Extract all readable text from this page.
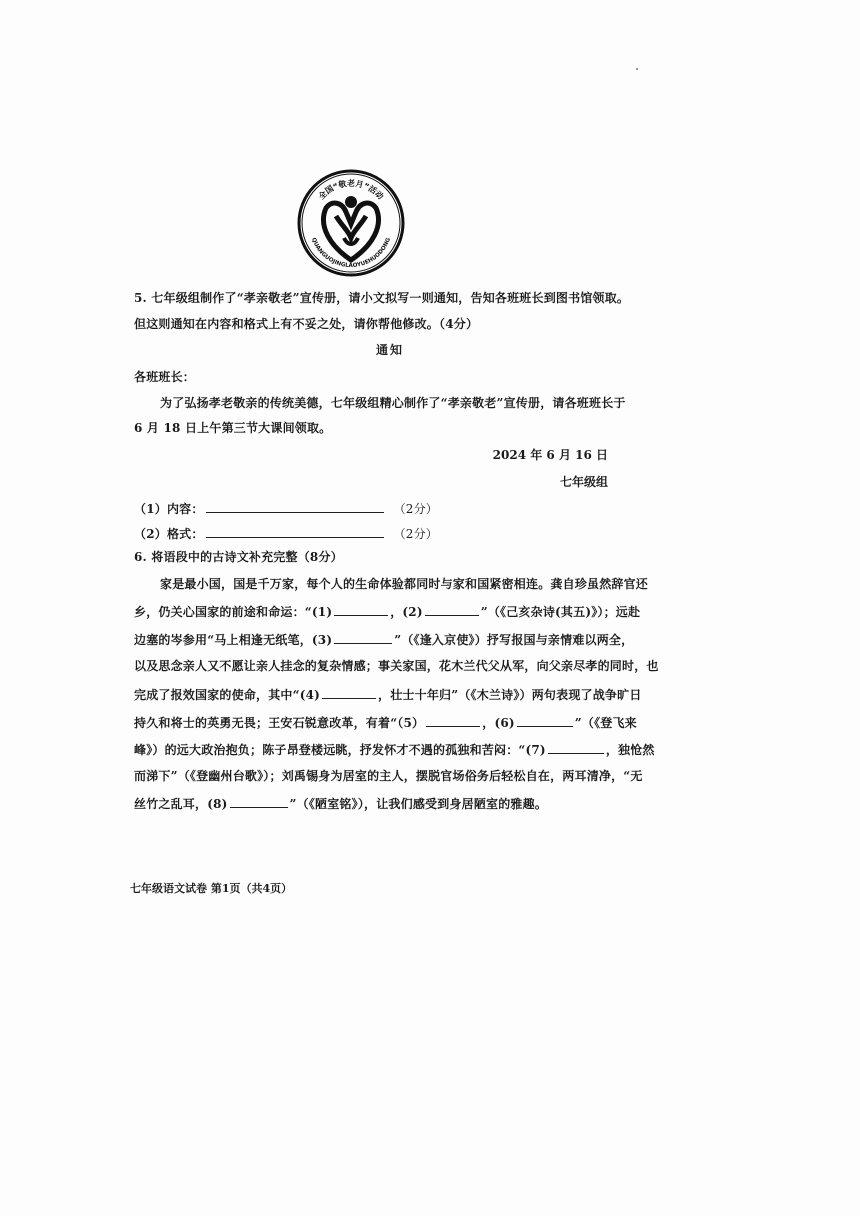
全国“敬老月”活动
QUANGUOJINGLAOYUEHUODONG
5. 七年级组制作了“孝亲敬老”宣传册，请小文拟写一则通知，告知各班班长到图书馆领取。
但这则通知在内容和格式上有不妥之处，请你帮他修改。（4分）
通知
各班班长：
为了弘扬孝老敬亲的传统美德，七年级组精心制作了“孝亲敬老”宣传册，请各班班长于
6 月 18 日上午第三节大课间领取。
2024 年 6 月 16 日
七年级组
（1）内容：	（2分）
（2）格式：	（2分）
6. 将语段中的古诗文补充完整（8分）
家是最小国，国是千万家，每个人的生命体验都同时与家和国紧密相连。龚自珍虽然辞官还
乡，仍关心国家的前途和命运：“(1)	，(2)	”（《己亥杂诗(其五)》）；远赴
边塞的岑参用“马上相逢无纸笔，(3)	”（《逢入京使》）抒写报国与亲情难以两全，
以及思念亲人又不愿让亲人挂念的复杂情感；事关家国，花木兰代父从军，向父亲尽孝的同时，也
完成了报效国家的使命，其中“(4)	，壮士十年归”（《木兰诗》）两句表现了战争旷日
持久和将士的英勇无畏；王安石锐意改革，有着“（5）	，(6)	”（《登飞来
峰》）的远大政治抱负；陈子昂登楼远眺，抒发怀才不遇的孤独和苦闷：“(7)	，独怆然
而涕下”（《登幽州台歌》）；刘禹锡身为居室的主人，摆脱官场俗务后轻松自在，两耳清净，“无
丝竹之乱耳，(8)	”（《陋室铭》），让我们感受到身居陋室的雅趣。
七年级语文试卷 第1页（共4页）
